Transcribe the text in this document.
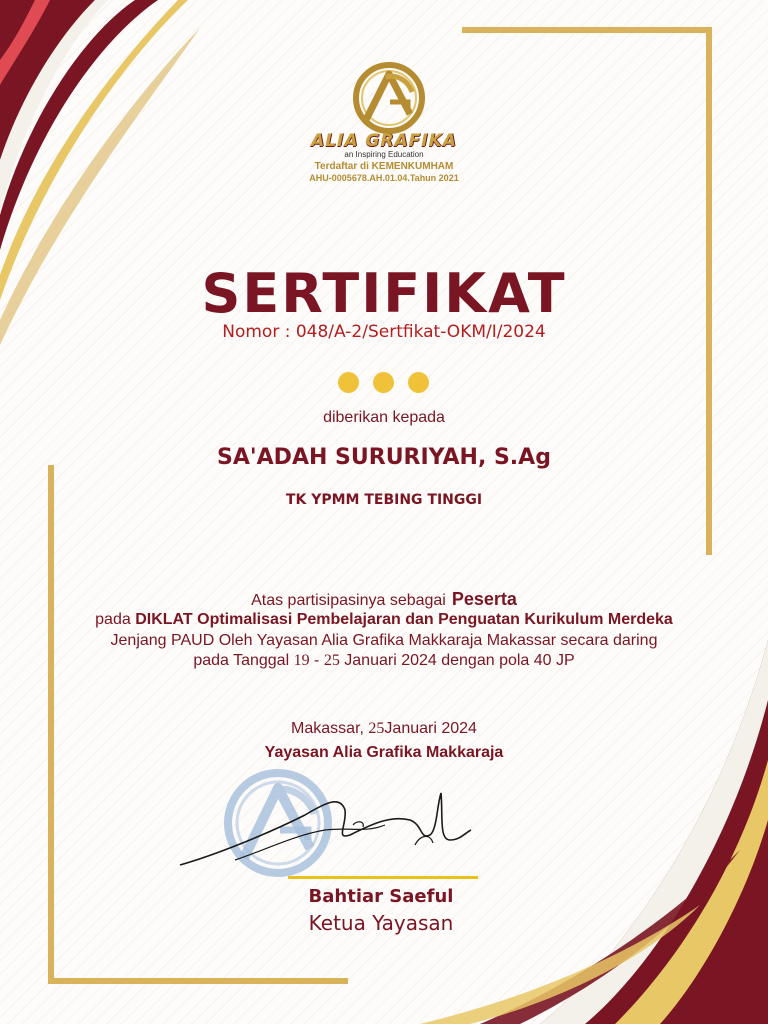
ALIA GRAFIKA
an Inspiring Education
Terdaftar di KEMENKUMHAM
AHU-0005678.AH.01.04.Tahun 2021
SERTIFIKAT
Nomor : 048/A-2/Sertfikat-OKM/I/2024
diberikan kepada
SA'ADAH SURURIYAH, S.Ag
TK YPMM TEBING TINGGI
Atas partisipasinya sebagai Peserta
pada DIKLAT Optimalisasi Pembelajaran dan Penguatan Kurikulum Merdeka
Jenjang PAUD Oleh Yayasan Alia Grafika Makkaraja Makassar secara daring
pada Tanggal 19 - 25 Januari 2024 dengan pola 40 JP
Makassar, 25Januari 2024
Yayasan Alia Grafika Makkaraja
Bahtiar Saeful
Ketua Yayasan
